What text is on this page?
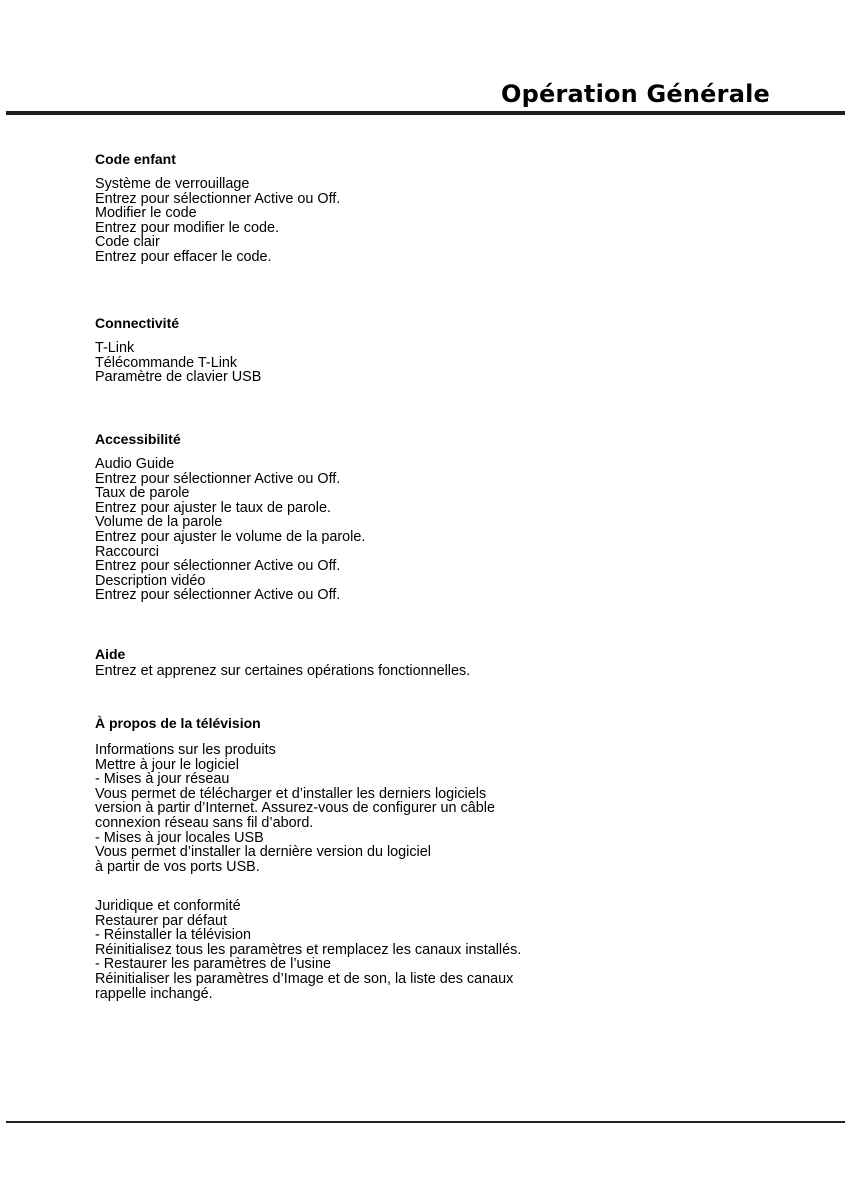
Opération Générale
Code enfant
Système de verrouillage
Entrez pour sélectionner Active ou Off.
Modifier le code
Entrez pour modifier le code.
Code clair
Entrez pour effacer le code.
Connectivité
T-Link
Télécommande T-Link
Paramètre de clavier USB
Accessibilité
Audio Guide
Entrez pour sélectionner Active ou Off.
Taux de parole
Entrez pour ajuster le taux de parole.
Volume de la parole
Entrez pour ajuster le volume de la parole.
Raccourci
Entrez pour sélectionner Active ou Off.
Description vidéo
Entrez pour sélectionner Active ou Off.
Aide
Entrez et apprenez sur certaines opérations fonctionnelles.
À propos de la télévision
Informations sur les produits
Mettre à jour le logiciel
- Mises à jour réseau
Vous permet de télécharger et d’installer les derniers logiciels
version à partir d’Internet. Assurez-vous de configurer un câble
connexion réseau sans fil d’abord.
- Mises à jour locales USB
Vous permet d’installer la dernière version du logiciel
à partir de vos ports USB.
Juridique et conformité
Restaurer par défaut
- Réinstaller la télévision
Réinitialisez tous les paramètres et remplacez les canaux installés.
- Restaurer les paramètres de l’usine
Réinitialiser les paramètres d’Image et de son, la liste des canaux
rappelle inchangé.
